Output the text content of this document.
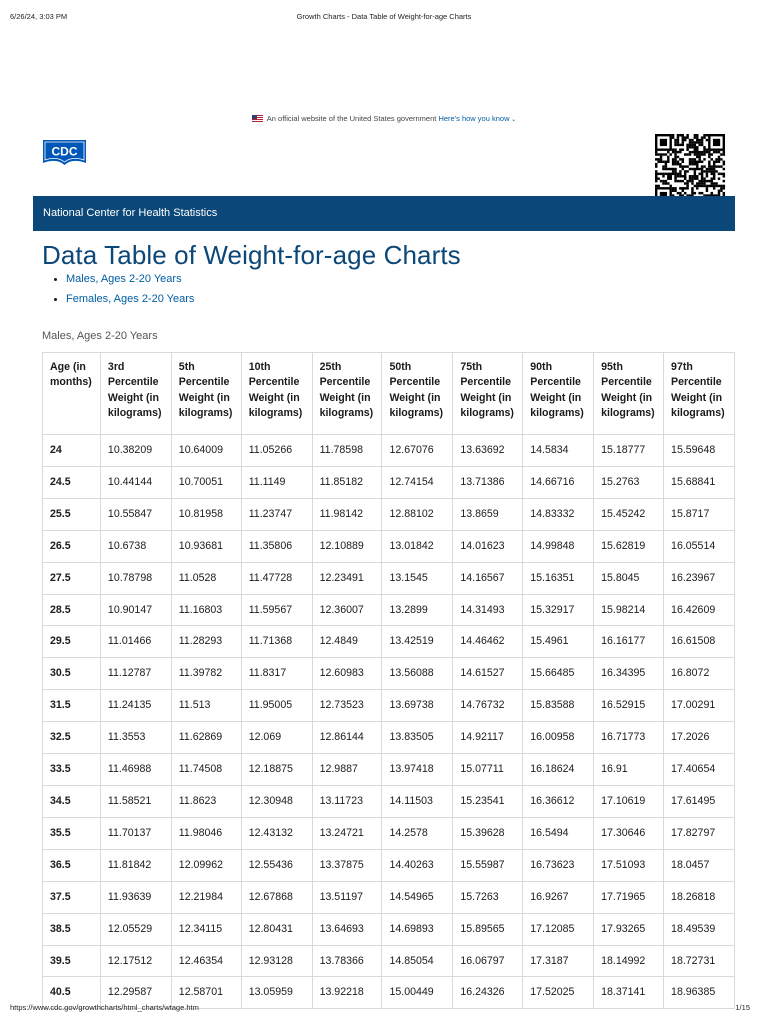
6/26/24, 3:03 PM	Growth Charts - Data Table of Weight-for-age Charts
An official website of the United States government Here's how you know ⌄
CDC
National Center for Health Statistics
Data Table of Weight-for-age Charts
• Males, Ages 2-20 Years
• Females, Ages 2-20 Years
Males, Ages 2-20 Years
Age (in months)	3rd Percentile Weight (in kilograms)	5th Percentile Weight (in kilograms)	10th Percentile Weight (in kilograms)	25th Percentile Weight (in kilograms)	50th Percentile Weight (in kilograms)	75th Percentile Weight (in kilograms)	90th Percentile Weight (in kilograms)	95th Percentile Weight (in kilograms)	97th Percentile Weight (in kilograms)
24	10.38209	10.64009	11.05266	11.78598	12.67076	13.63692	14.5834	15.18777	15.59648
24.5	10.44144	10.70051	11.1149	11.85182	12.74154	13.71386	14.66716	15.2763	15.68841
25.5	10.55847	10.81958	11.23747	11.98142	12.88102	13.8659	14.83332	15.45242	15.8717
26.5	10.6738	10.93681	11.35806	12.10889	13.01842	14.01623	14.99848	15.62819	16.05514
27.5	10.78798	11.0528	11.47728	12.23491	13.1545	14.16567	15.16351	15.8045	16.23967
28.5	10.90147	11.16803	11.59567	12.36007	13.2899	14.31493	15.32917	15.98214	16.42609
29.5	11.01466	11.28293	11.71368	12.4849	13.42519	14.46462	15.4961	16.16177	16.61508
30.5	11.12787	11.39782	11.8317	12.60983	13.56088	14.61527	15.66485	16.34395	16.8072
31.5	11.24135	11.513	11.95005	12.73523	13.69738	14.76732	15.83588	16.52915	17.00291
32.5	11.3553	11.62869	12.069	12.86144	13.83505	14.92117	16.00958	16.71773	17.2026
33.5	11.46988	11.74508	12.18875	12.9887	13.97418	15.07711	16.18624	16.91	17.40654
34.5	11.58521	11.8623	12.30948	13.11723	14.11503	15.23541	16.36612	17.10619	17.61495
35.5	11.70137	11.98046	12.43132	13.24721	14.2578	15.39628	16.5494	17.30646	17.82797
36.5	11.81842	12.09962	12.55436	13.37875	14.40263	15.55987	16.73623	17.51093	18.0457
37.5	11.93639	12.21984	12.67868	13.51197	14.54965	15.7263	16.9267	17.71965	18.26818
38.5	12.05529	12.34115	12.80431	13.64693	14.69893	15.89565	17.12085	17.93265	18.49539
39.5	12.17512	12.46354	12.93128	13.78366	14.85054	16.06797	17.3187	18.14992	18.72731
40.5	12.29587	12.58701	13.05959	13.92218	15.00449	16.24326	17.52025	18.37141	18.96385
https://www.cdc.gov/growthcharts/html_charts/wtage.htm	1/15
